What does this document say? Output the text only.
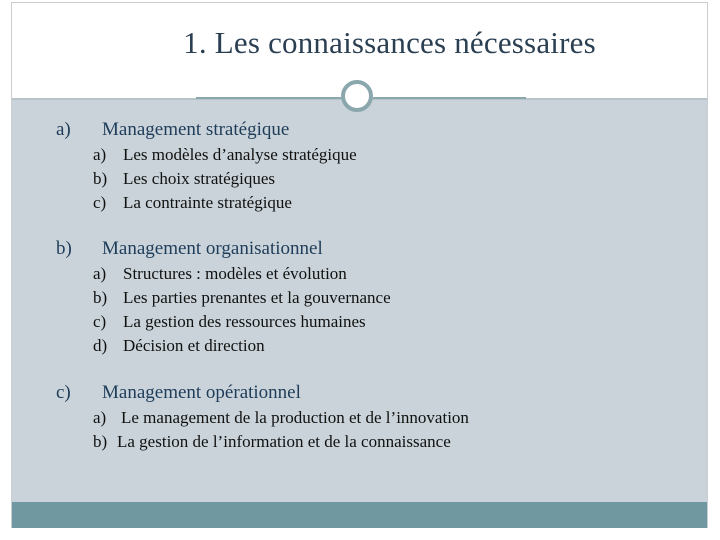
1. Les connaissances nécessaires
a)	Management stratégique
a) Les modèles d’analyse stratégique
b) Les choix stratégiques
c) La contrainte stratégique
b)	Management organisationnel
a) Structures : modèles et évolution
b) Les parties prenantes et la gouvernance
c) La gestion des ressources humaines
d) Décision et direction
c)	Management opérationnel
a) Le management de la production et de l’innovation
b) La gestion de l’information et de la connaissance
